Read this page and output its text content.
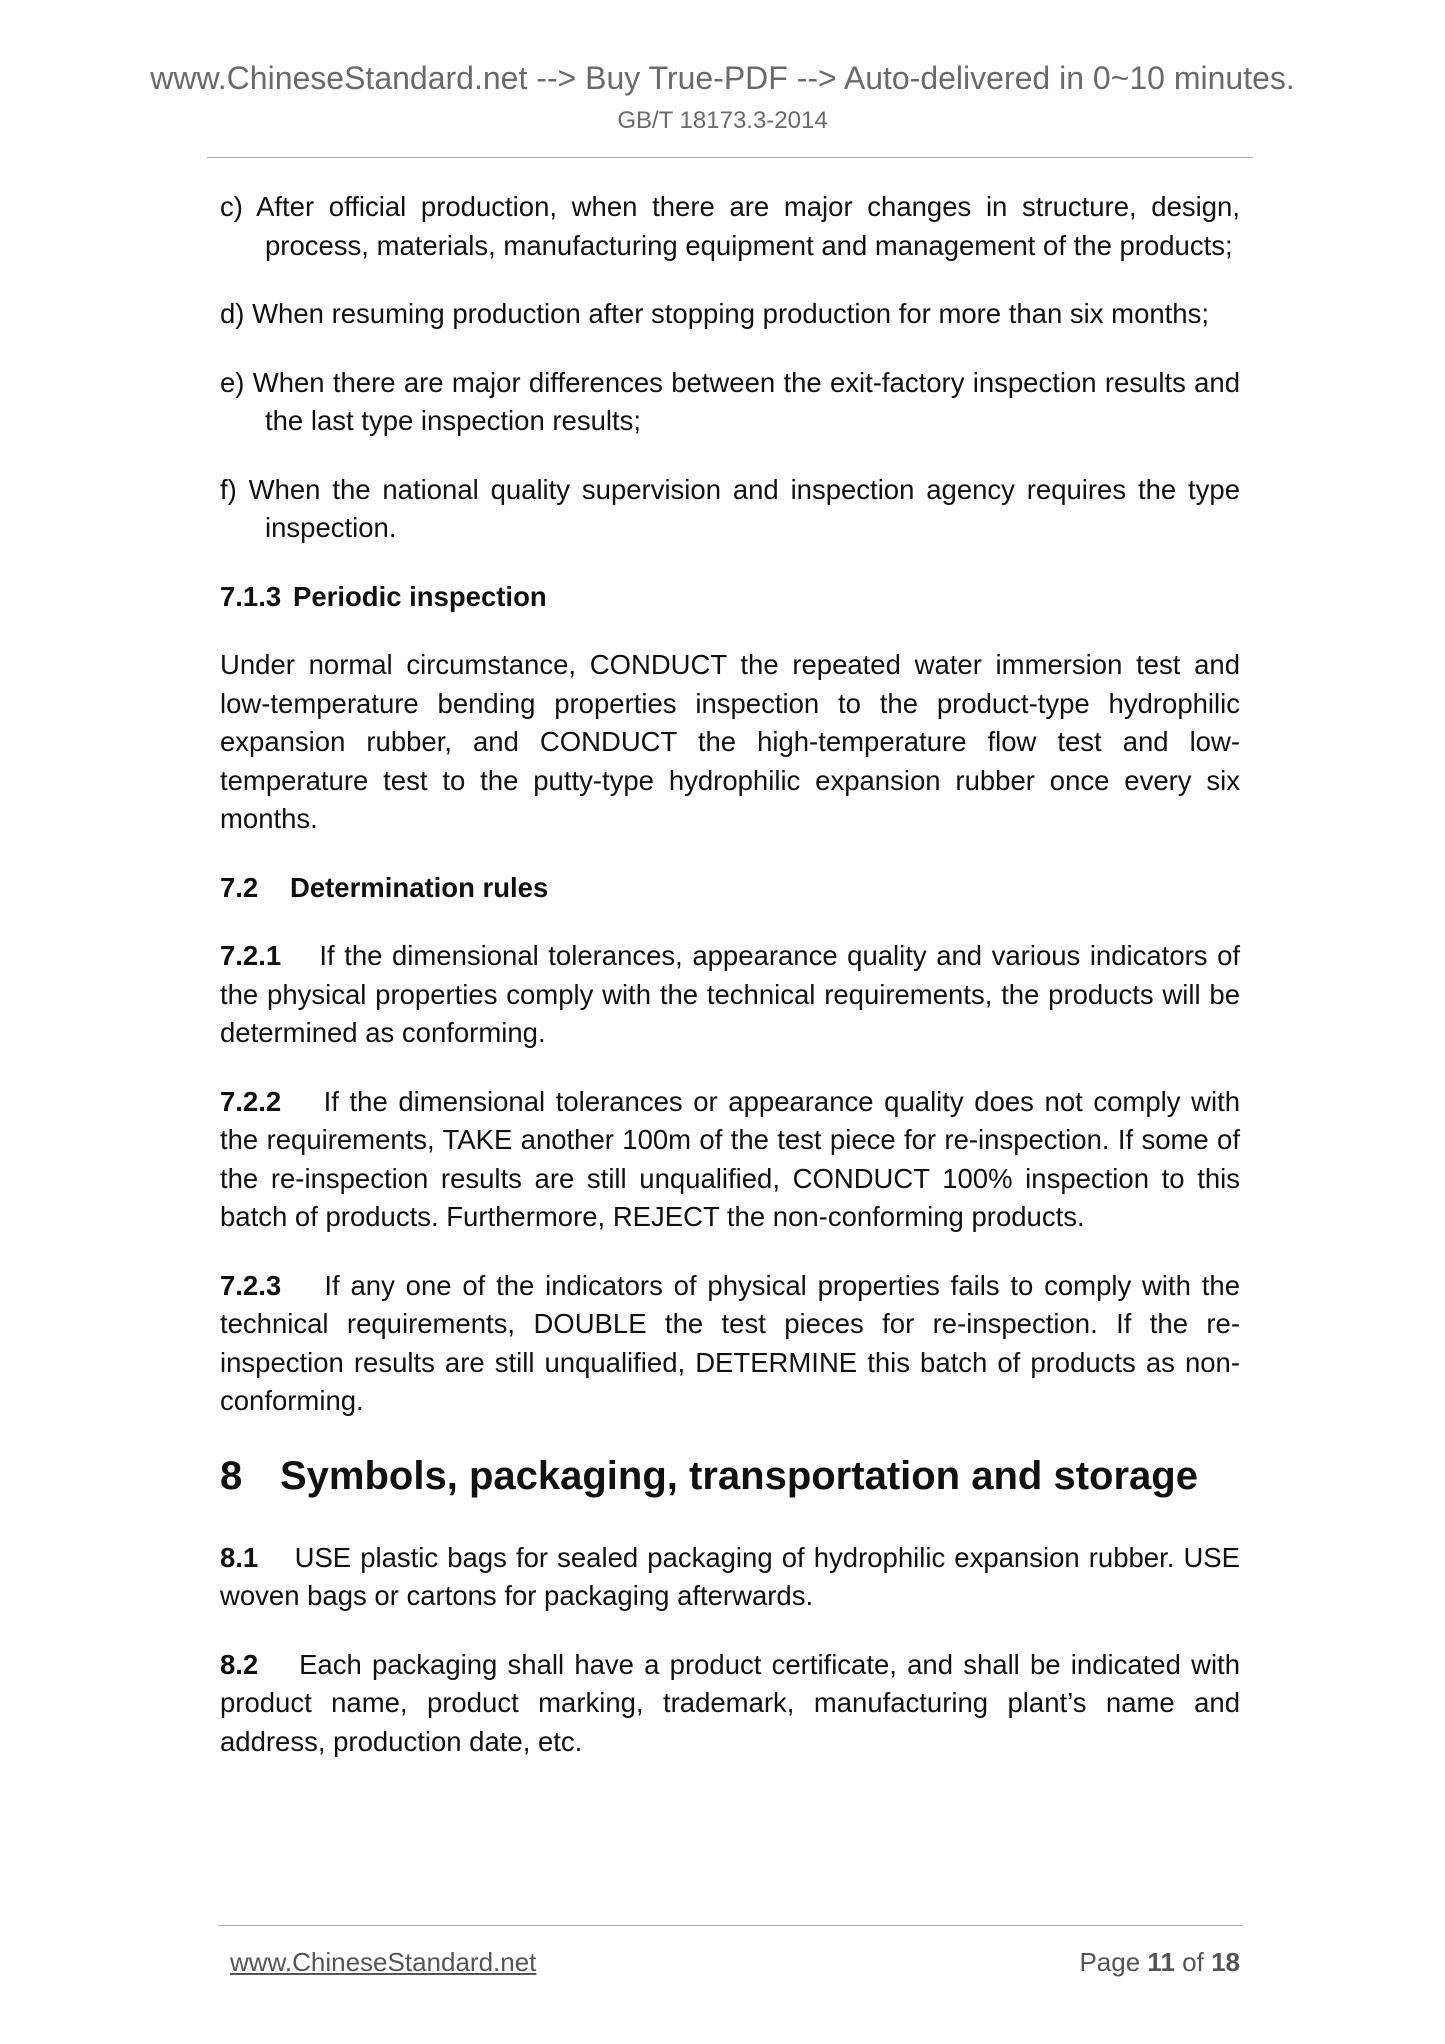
www.ChineseStandard.net --> Buy True-PDF --> Auto-delivered in 0~10 minutes.
GB/T 18173.3-2014

c) After official production, when there are major changes in structure, design, process, materials, manufacturing equipment and management of the products;

d) When resuming production after stopping production for more than six months;

e) When there are major differences between the exit-factory inspection results and the last type inspection results;

f) When the national quality supervision and inspection agency requires the type inspection.

7.1.3 Periodic inspection

Under normal circumstance, CONDUCT the repeated water immersion test and low-temperature bending properties inspection to the product-type hydrophilic expansion rubber, and CONDUCT the high-temperature flow test and low-temperature test to the putty-type hydrophilic expansion rubber once every six months.

7.2 Determination rules

7.2.1 If the dimensional tolerances, appearance quality and various indicators of the physical properties comply with the technical requirements, the products will be determined as conforming.

7.2.2 If the dimensional tolerances or appearance quality does not comply with the requirements, TAKE another 100m of the test piece for re-inspection. If some of the re-inspection results are still unqualified, CONDUCT 100% inspection to this batch of products. Furthermore, REJECT the non-conforming products.

7.2.3 If any one of the indicators of physical properties fails to comply with the technical requirements, DOUBLE the test pieces for re-inspection. If the re-inspection results are still unqualified, DETERMINE this batch of products as non-conforming.

8 Symbols, packaging, transportation and storage

8.1 USE plastic bags for sealed packaging of hydrophilic expansion rubber. USE woven bags or cartons for packaging afterwards.

8.2 Each packaging shall have a product certificate, and shall be indicated with product name, product marking, trademark, manufacturing plant’s name and address, production date, etc.

www.ChineseStandard.net	Page 11 of 18
